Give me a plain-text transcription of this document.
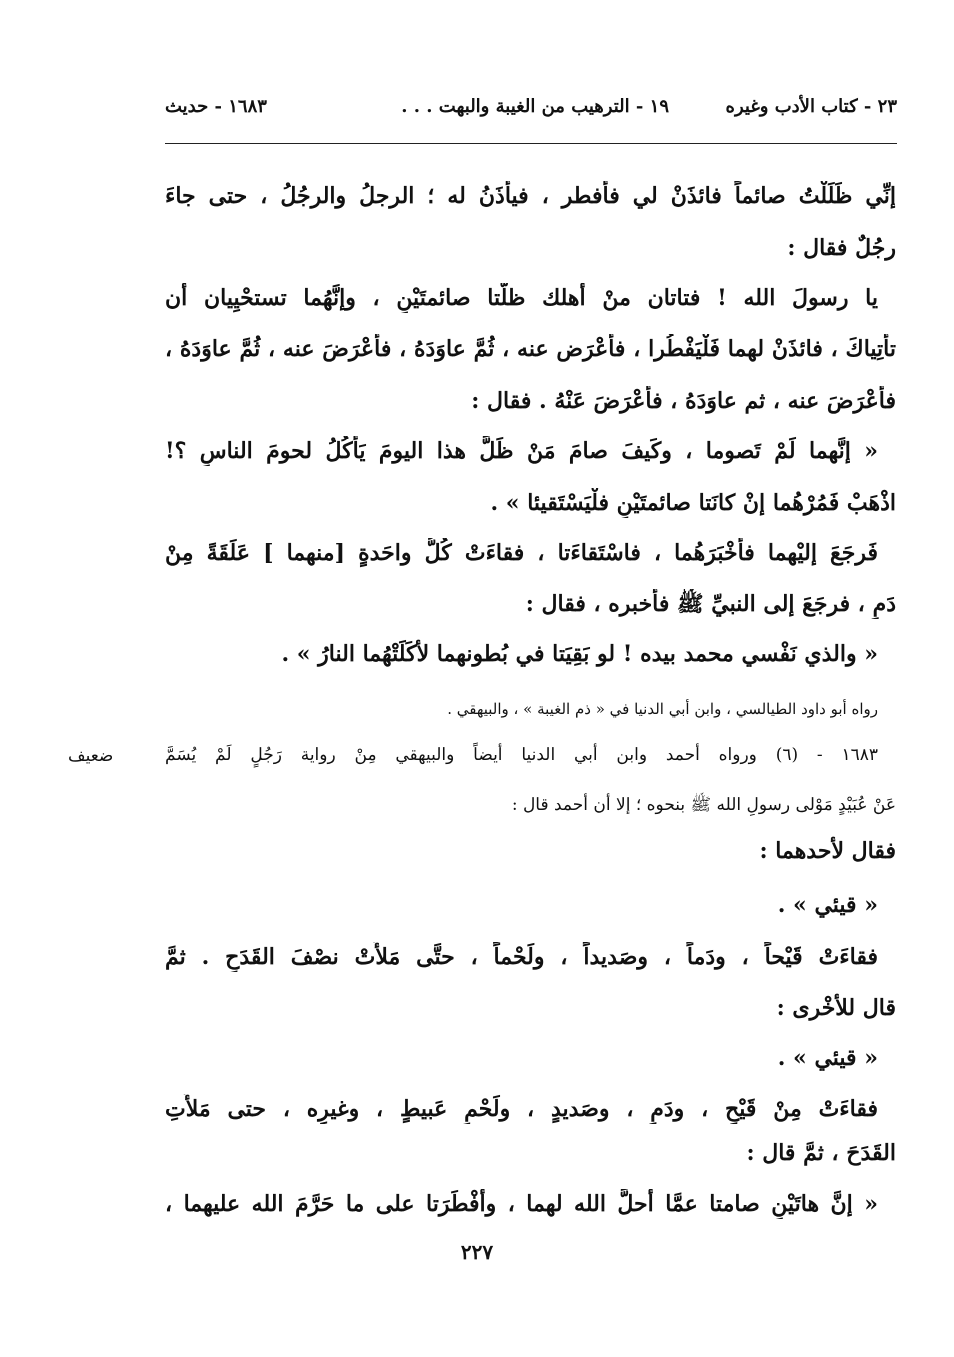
٢٣ - كتاب الأدب وغيره
١٩ - الترهيب من الغيبة والبهت . . .
١٦٨٣ - حديث
إنِّي ظَلَلْتُ صائماً فائذَنْ لي فأُفطر ، فيأْذَنُ له ؛ الرجلُ والرجُلُ ، حتى جاءَ
رجُلٌ فقال :
يا رسولَ الله ! فتاتان منْ أهلك ظلَّتا صائمتَيْنِ ، وإنَّهُما تستحْيِيان أن
تأتِياكَ ، فائذَنْ لهما فَلْيَفْطُرا ، فأَعْرَض عنه ، ثُمَّ عاوَدَهُ ، فأَعْرَضَ عنه ، ثُمَّ عاوَدَهُ ،
فأعْرَضَ عنه ، ثم عاوَدَهُ ، فأَعْرَضَ عَنْهُ . فقال :
« إنَّهما لَمْ تَصوما ، وكَيفَ صامَ مَنْ ظَلَّ هذا اليومَ يَأكُلُ لحومَ الناسِ ؟!
اذْهَبْ فَمُرْهُما إنْ كانَتا صائمتَيْنِ فلْيَسْتَقيئا » .
فَرجَعَ إليْهما فأخْبَرَهُما ، فاسْتَقاءَتا ، فقاءَتْ كُلُّ واحَدةٍ [منهما ] عَلَقَةً مِنْ
دَمٍ ، فرجَعَ إلى النبيِّ ﷺ فأخبره ، فقال :
« والذي نَفْسي محمد بيده ! لو بَقِيَتا في بُطونهما لأكَلَتْهُما النارُ » .
رواه أبو داود الطيالسي ، وابن أبي الدنيا في « ذم الغيبة » ، والبيهقي .
١٦٨٣ - (٦) ورواه أحمد وابن أبي الدنيا أيضاً والبيهقي مِنْ رواية رَجُلٍ لَمْ يُسَمَّ
ضعيف
عَنْ عُبَيْدٍ مَوْلى رسولِ الله ﷺ بنحوه ؛ إلا أن أحمد قال :
فقال لأحدهما :
« قيئي » .
فقاءَتْ قَيْحاً ، ودَماً ، وصَديداً ، ولَحْماً ، حتَّى مَلأَتْ نصْفَ القَدَحِ . ثمَّ
قال للأخْرى :
« قيئي » .
فقاءَتْ مِنْ قَيْحٍ ، ودَمٍ ، وصَديدٍ ، ولَحْمِ عَبيطٍ ، وغيرِه ، حتى مَلأَتِ
القَدَحَ ، ثمَّ قال :
« إنَّ هاتَيْنِ صامتا عمَّا أَحلَّ الله لهما ، وأفْطَرَتا على ما حَرَّمَ الله عليهما ،
٢٢٧
